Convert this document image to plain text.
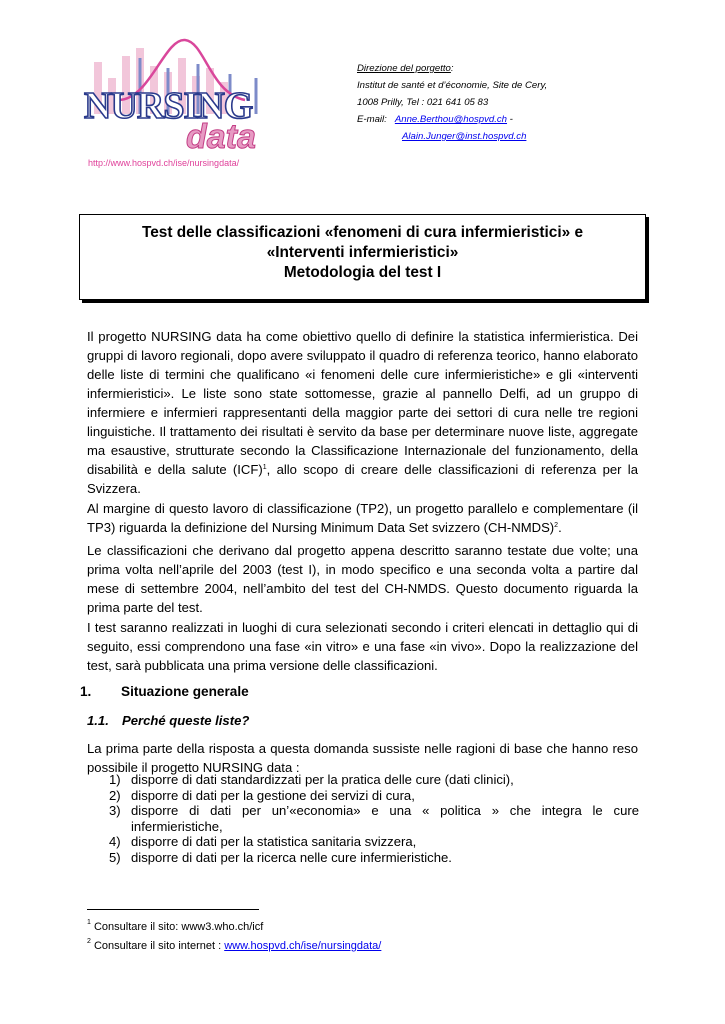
NURSING
data
http://www.hospvd.ch/ise/nursingdata/
Direzione del porgetto:
Institut de santé et d’économie, Site de Cery,
1008 Prilly, Tel : 021 641 05 83
E-mail: Anne.Berthou@hospvd.ch -
Alain.Junger@inst.hospvd.ch
Test delle classificazioni «fenomeni di cura infermieristici» e
«Interventi infermieristici»
Metodologia del test I
Il progetto NURSING data ha come obiettivo quello di definire la statistica infermieristica. Dei gruppi di lavoro regionali, dopo avere sviluppato il quadro di referenza teorico, hanno elaborato delle liste di termini che qualificano «i fenomeni delle cure infermieristiche» e gli «interventi infermieristici». Le liste sono state sottomesse, grazie al pannello Delfi, ad un gruppo di infermiere e infermieri rappresentanti della maggior parte dei settori di cura nelle tre regioni linguistiche. Il trattamento dei risultati è servito da base per determinare nuove liste, aggregate ma esaustive, strutturate secondo la Classificazione Internazionale del funzionamento, della disabilità e della salute (ICF)$^1$, allo scopo di creare delle classificazioni di referenza per la Svizzera.
Al margine di questo lavoro di classificazione (TP2), un progetto parallelo e complementare (il TP3) riguarda la definizione del Nursing Minimum Data Set svizzero (CH-NMDS)$^2$.
Le classificazioni che derivano dal progetto appena descritto saranno testate due volte; una prima volta nell’aprile del 2003 (test I), in modo specifico e una seconda volta a partire dal mese di settembre 2004, nell’ambito del test del CH-NMDS. Questo documento riguarda la prima parte del test.
I test saranno realizzati in luoghi di cura selezionati secondo i criteri elencati in dettaglio qui di seguito, essi comprendono una fase «in vitro» e una fase «in vivo». Dopo la realizzazione del test, sarà pubblicata una prima versione delle classificazioni.
1. Situazione generale
1.1. Perché queste liste?
La prima parte della risposta a questa domanda sussiste nelle ragioni di base che hanno reso possibile il progetto NURSING data :
1) disporre di dati standardizzati per la pratica delle cure (dati clinici),
2) disporre di dati per la gestione dei servizi di cura,
3) disporre di dati per un’«economia» e una « politica » che integra le cure infermieristiche,
4) disporre di dati per la statistica sanitaria svizzera,
5) disporre di dati per la ricerca nelle cure infermieristiche.
$^1$ Consultare il sito: www3.who.ch/icf
$^2$ Consultare il sito internet : www.hospvd.ch/ise/nursingdata/
